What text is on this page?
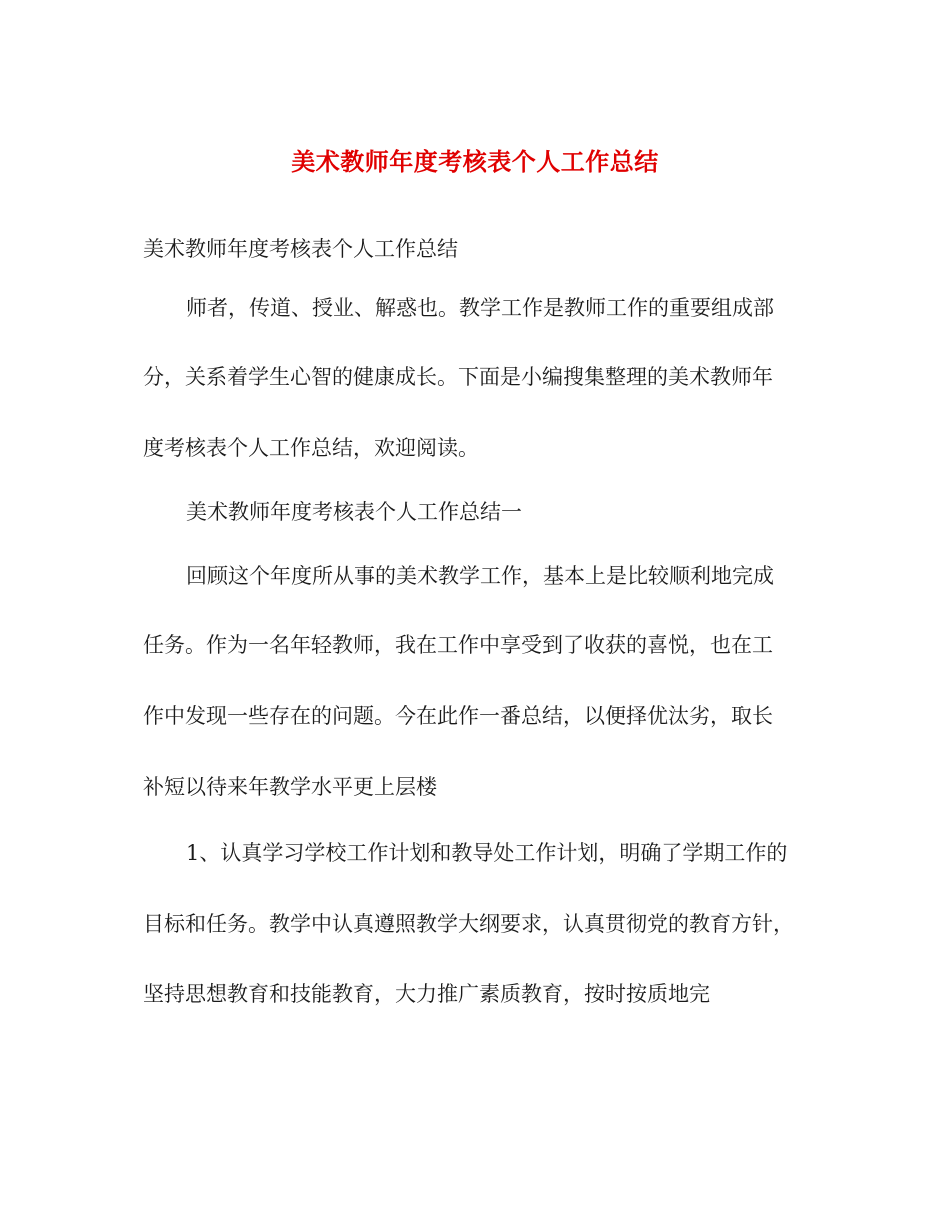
美术教师年度考核表个人工作总结
美术教师年度考核表个人工作总结
师者，传道、授业、解惑也。教学工作是教师工作的重要组成部
分，关系着学生心智的健康成长。下面是小编搜集整理的美术教师年
度考核表个人工作总结，欢迎阅读。
美术教师年度考核表个人工作总结一
回顾这个年度所从事的美术教学工作，基本上是比较顺利地完成
任务。作为一名年轻教师，我在工作中享受到了收获的喜悦，也在工
作中发现一些存在的问题。今在此作一番总结，以便择优汰劣，取长
补短以待来年教学水平更上层楼
1、认真学习学校工作计划和教导处工作计划，明确了学期工作的
目标和任务。教学中认真遵照教学大纲要求，认真贯彻党的教育方针，
坚持思想教育和技能教育，大力推广素质教育，按时按质地完
